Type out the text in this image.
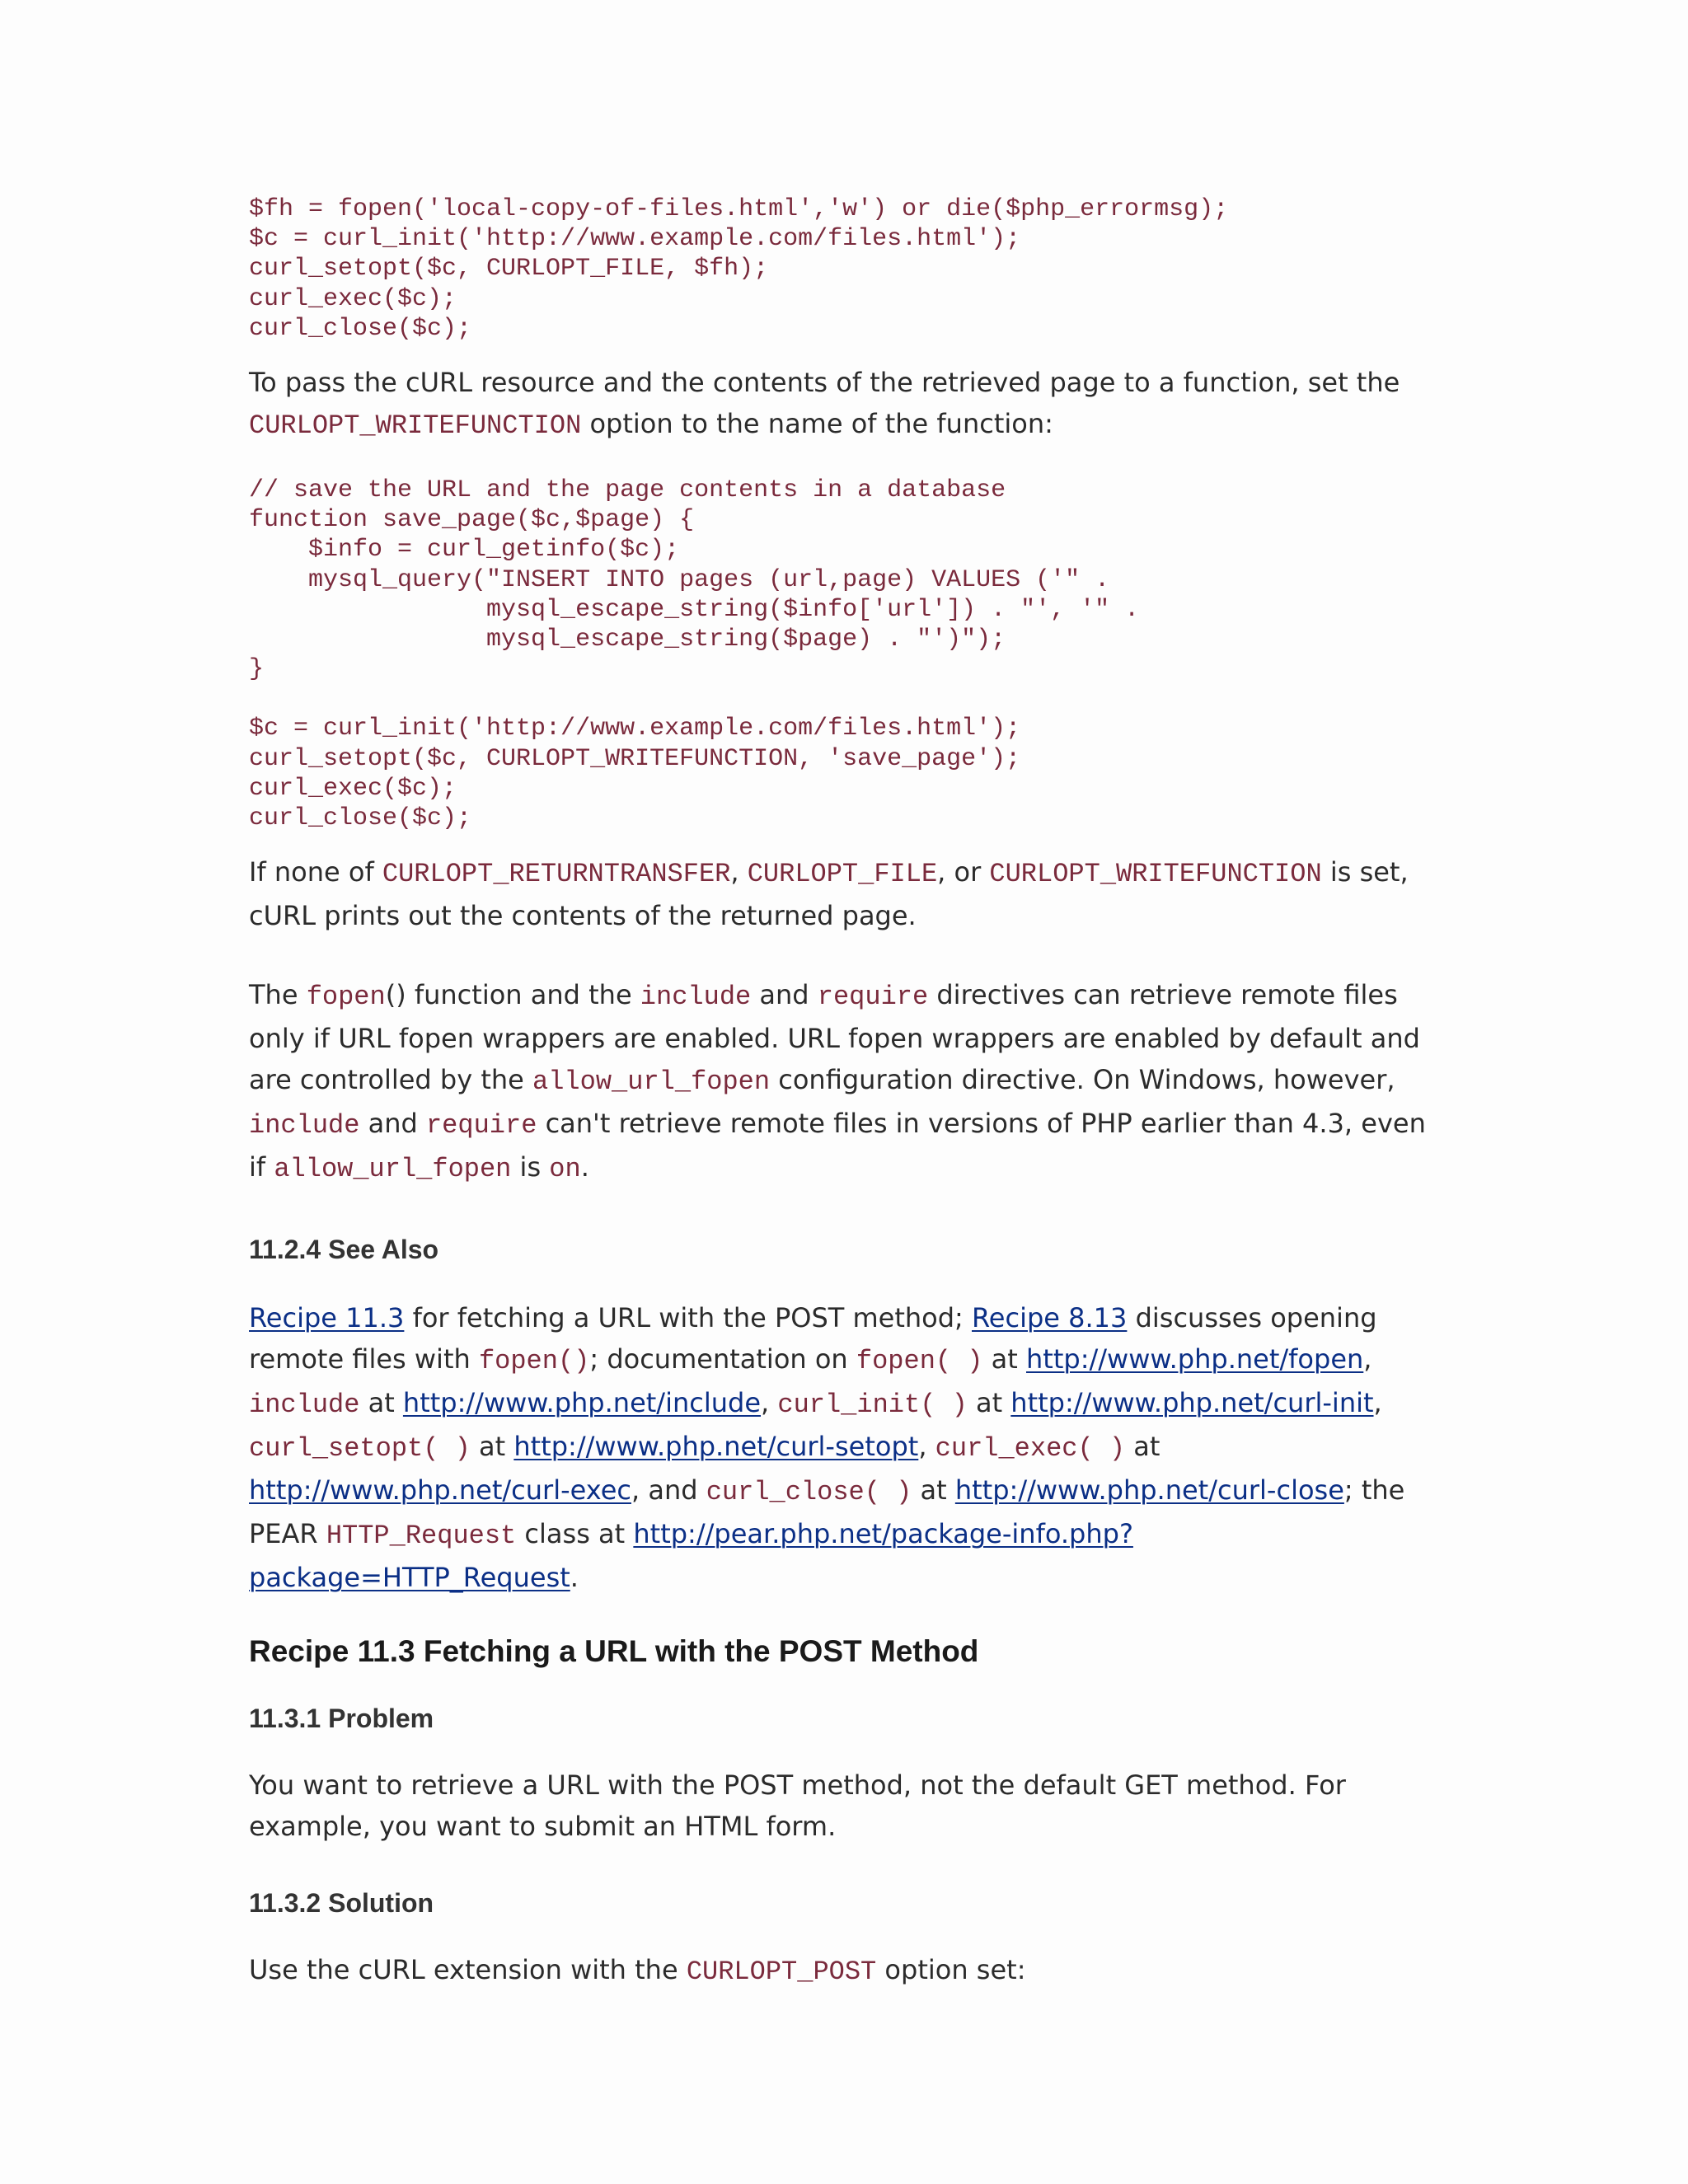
$fh = fopen('local-copy-of-files.html','w') or die($php_errormsg);
$c = curl_init('http://www.example.com/files.html');
curl_setopt($c, CURLOPT_FILE, $fh);
curl_exec($c);
curl_close($c);

To pass the cURL resource and the contents of the retrieved page to a function, set the CURLOPT_WRITEFUNCTION option to the name of the function:

// save the URL and the page contents in a database
function save_page($c,$page) {
$info = curl_getinfo($c);
mysql_query("INSERT INTO pages (url,page) VALUES ('" .
mysql_escape_string($info['url']) . "', '" .
mysql_escape_string($page) . "')");
}
$c = curl_init('http://www.example.com/files.html');
curl_setopt($c, CURLOPT_WRITEFUNCTION, 'save_page');
curl_exec($c);
curl_close($c);

If none of CURLOPT_RETURNTRANSFER, CURLOPT_FILE, or CURLOPT_WRITEFUNCTION is set, cURL prints out the contents of the returned page.

The fopen() function and the include and require directives can retrieve remote files only if URL fopen wrappers are enabled. URL fopen wrappers are enabled by default and are controlled by the allow_url_fopen configuration directive. On Windows, however, include and require can't retrieve remote files in versions of PHP earlier than 4.3, even if allow_url_fopen is on.

11.2.4 See Also

Recipe 11.3 for fetching a URL with the POST method; Recipe 8.13 discusses opening remote files with fopen(); documentation on fopen( ) at http://www.php.net/fopen, include at http://www.php.net/include, curl_init( ) at http://www.php.net/curl-init, curl_setopt( ) at http://www.php.net/curl-setopt, curl_exec( ) at http://www.php.net/curl-exec, and curl_close( ) at http://www.php.net/curl-close; the PEAR HTTP_Request class at http://pear.php.net/package-info.php?package=HTTP_Request.

Recipe 11.3 Fetching a URL with the POST Method
11.3.1 Problem

You want to retrieve a URL with the POST method, not the default GET method. For example, you want to submit an HTML form.

11.3.2 Solution

Use the cURL extension with the CURLOPT_POST option set:
